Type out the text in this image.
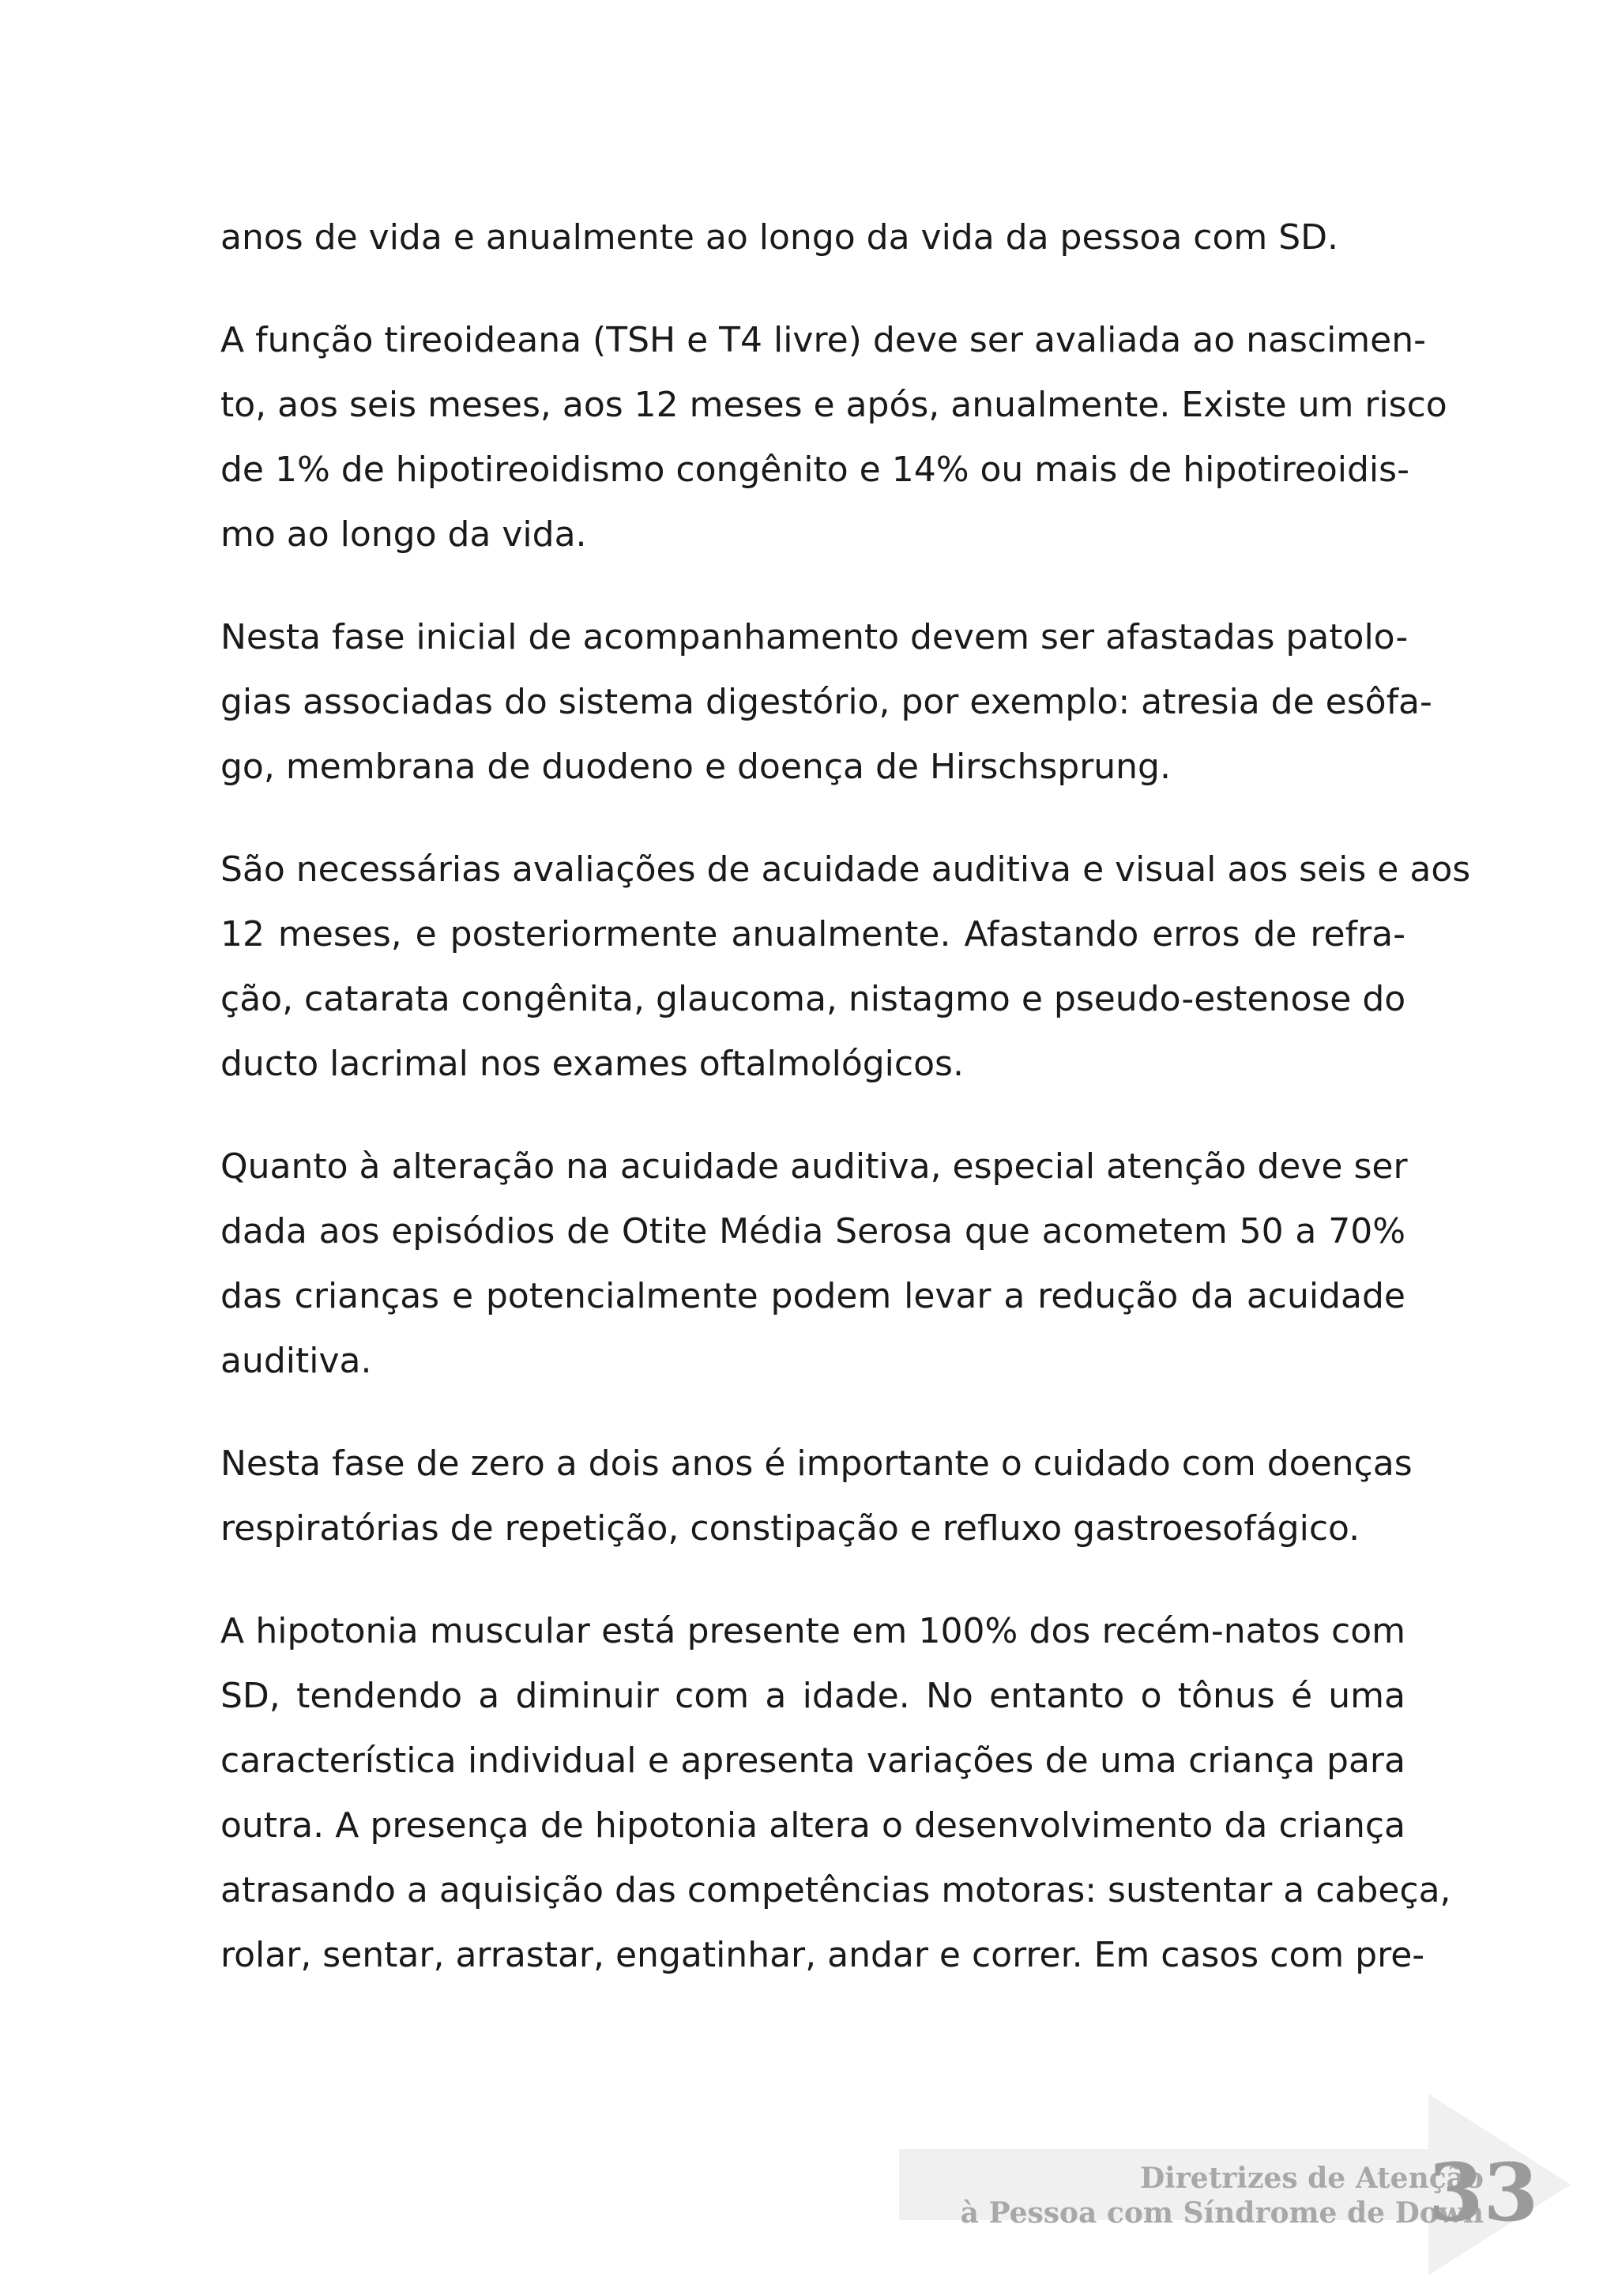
anos de vida e anualmente ao longo da vida da pessoa com SD.
A função tireoideana (TSH e T4 livre) deve ser avaliada ao nascimen-
to, aos seis meses, aos 12 meses e após, anualmente. Existe um risco
de 1% de hipotireoidismo congênito e 14% ou mais de hipotireoidis-
mo ao longo da vida.
Nesta fase inicial de acompanhamento devem ser afastadas patolo-
gias associadas do sistema digestório, por exemplo: atresia de esôfa-
go, membrana de duodeno e doença de Hirschsprung.
São necessárias avaliações de acuidade auditiva e visual aos seis e aos
12 meses, e posteriormente anualmente. Afastando erros de refra-
ção, catarata congênita, glaucoma, nistagmo e pseudo-estenose do
ducto lacrimal nos exames oftalmológicos.
Quanto à alteração na acuidade auditiva, especial atenção deve ser
dada aos episódios de Otite Média Serosa que acometem 50 a 70%
das crianças e potencialmente podem levar a redução da acuidade
auditiva.
Nesta fase de zero a dois anos é importante o cuidado com doenças
respiratórias de repetição, constipação e refluxo gastroesofágico.
A hipotonia muscular está presente em 100% dos recém-natos com
SD, tendendo a diminuir com a idade. No entanto o tônus é uma
característica individual e apresenta variações de uma criança para
outra. A presença de hipotonia altera o desenvolvimento da criança
atrasando a aquisição das competências motoras: sustentar a cabeça,
rolar, sentar, arrastar, engatinhar, andar e correr. Em casos com pre-
Diretrizes de Atenção
à Pessoa com Síndrome de Down
33
